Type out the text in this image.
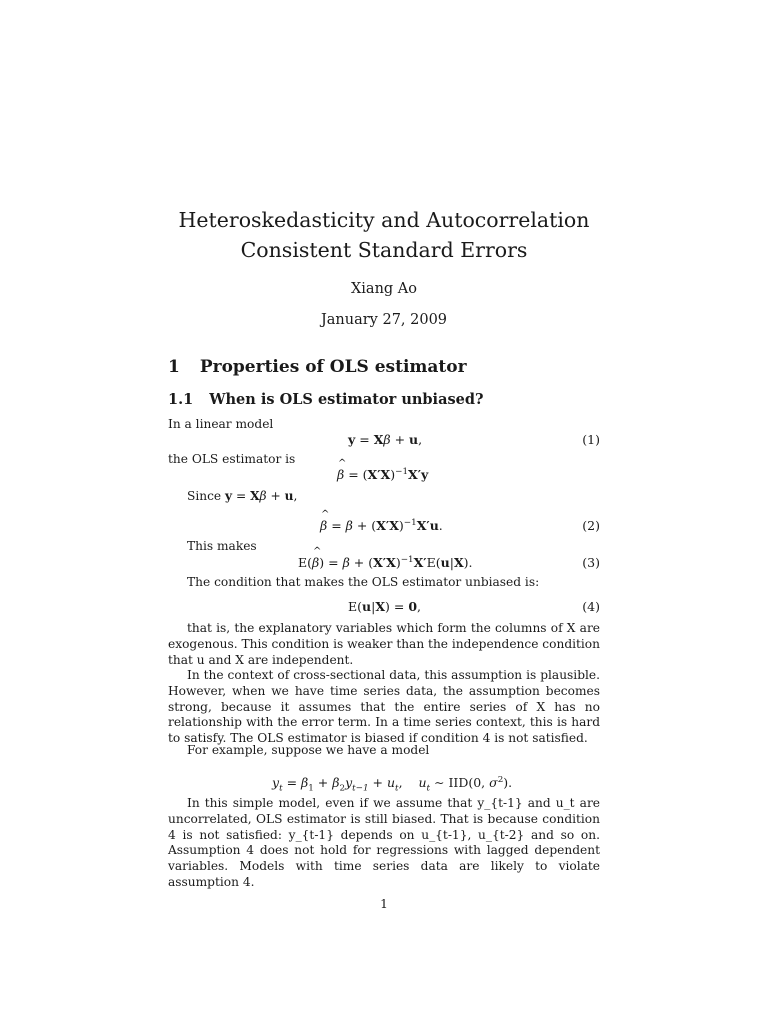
Heteroskedasticity and Autocorrelation
Consistent Standard Errors
Xiang Ao
January 27, 2009
1 Properties of OLS estimator
1.1 When is OLS estimator unbiased?
In a linear model
y = Xβ + u,	(1)
the OLS estimator is
^ $\beta = (X'X)^{-1}X'y$
Since y = Xβ + u,
^ $\beta = \beta + (X'X)^{-1}X'u$.	(2)
This makes
E(^ $\beta) = \beta + (X'X)^{-1}X'E(u|X)$.	(3)
The condition that makes the OLS estimator unbiased is:
E(u|X) = 0,	(4)
that is, the explanatory variables which form the columns of X are exogenous. This condition is weaker than the independence condition that u and X are independent.
In the context of cross-sectional data, this assumption is plausible. However, when we have time series data, the assumption becomes strong, because it assumes that the entire series of X has no relationship with the error term. In a time series context, this is hard to satisfy. The OLS estimator is biased if condition 4 is not satisfied.
For example, suppose we have a model
$y_t = \beta_1 + \beta_2y_{t-1} + u_t$,    $u_t$ ∼ IID(0, $\sigma^2$).
In this simple model, even if we assume that y_{t-1} and u_t are uncorrelated, OLS estimator is still biased. That is because condition 4 is not satisfied: y_{t-1} depends on u_{t-1}, u_{t-2} and so on. Assumption 4 does not hold for regressions with lagged dependent variables. Models with time series data are likely to violate assumption 4.
1
